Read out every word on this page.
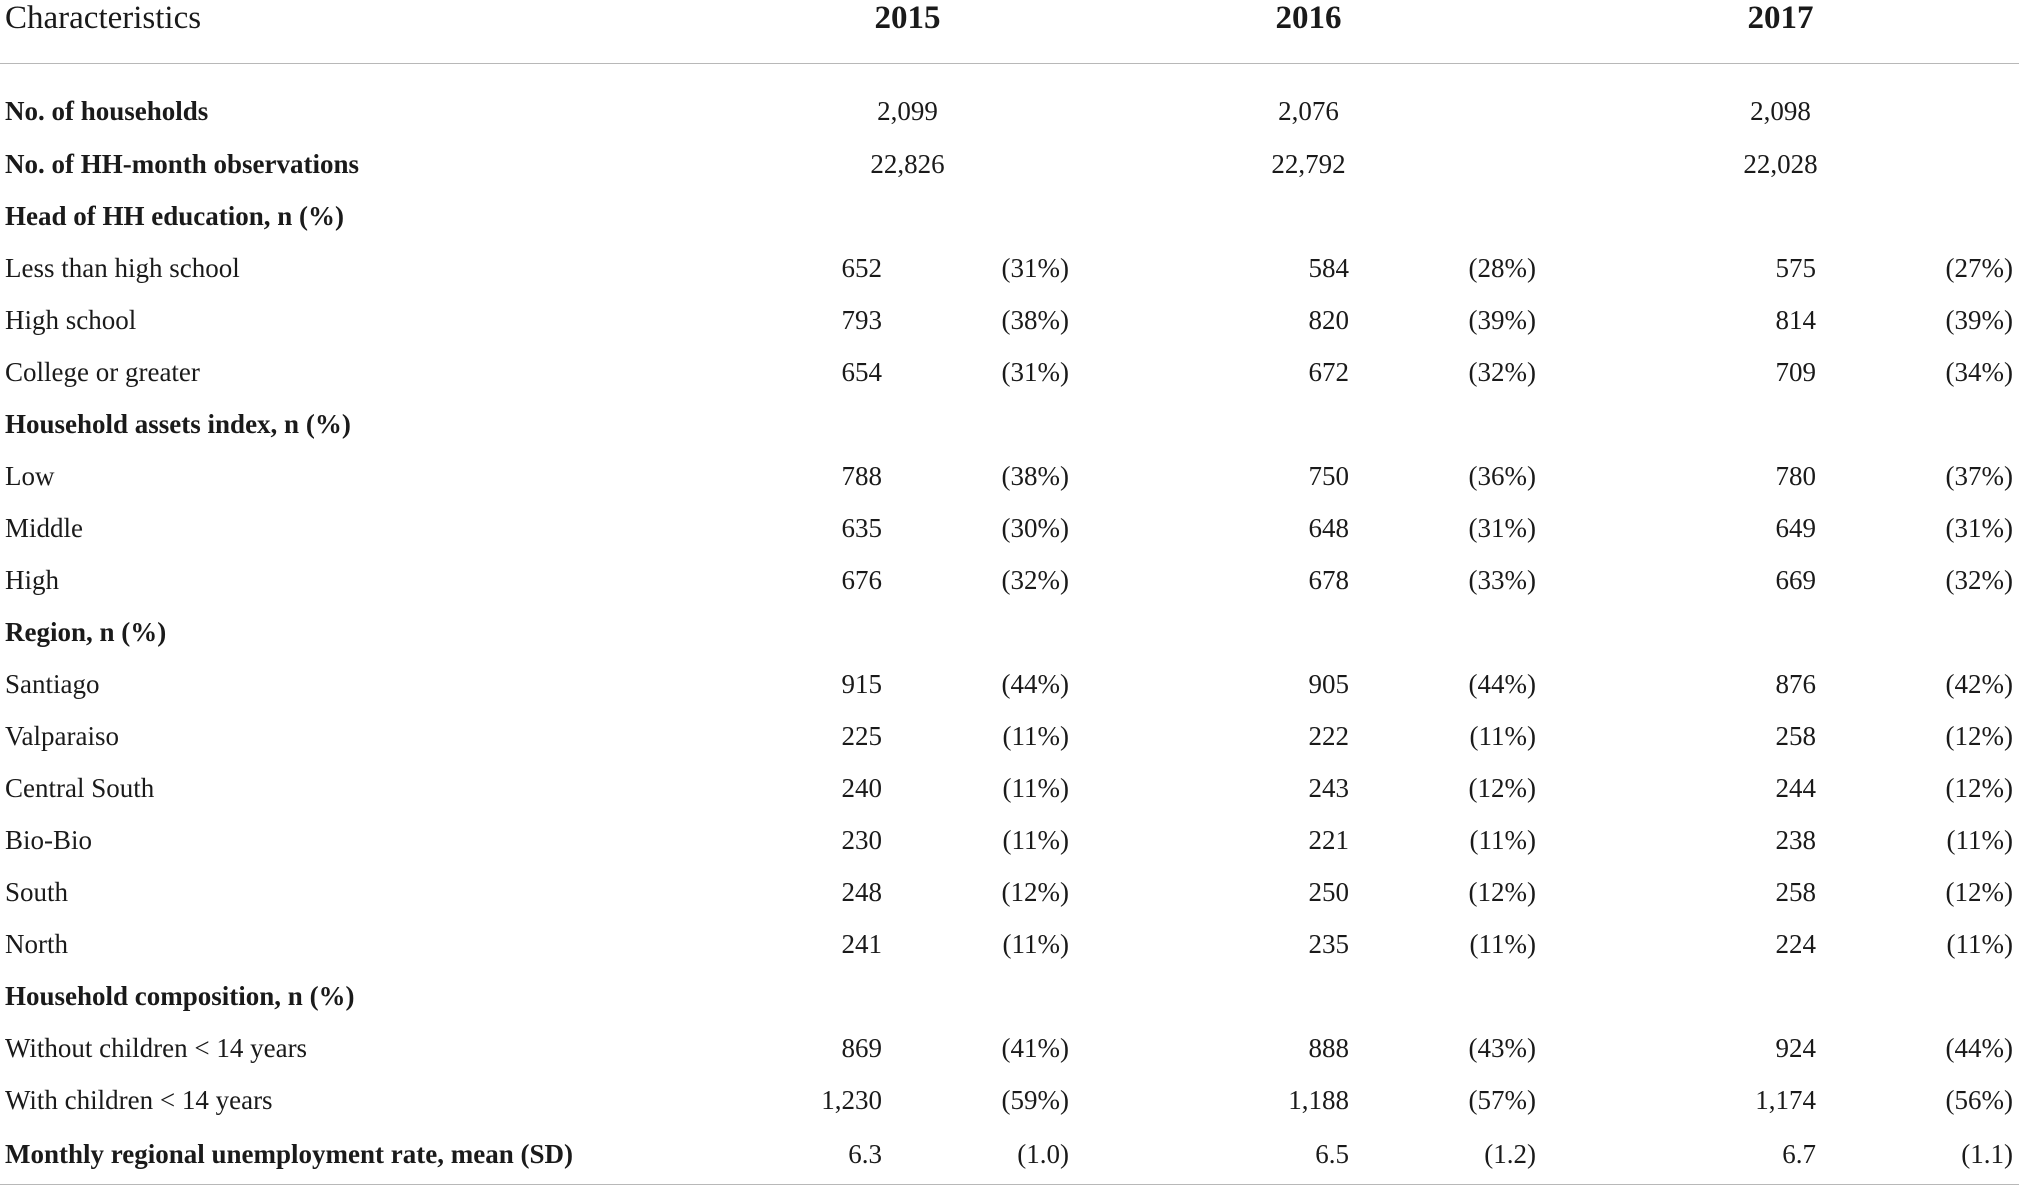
Characteristics	2015		2016		2017	
No. of households	2,099		2,076		2,098	
No. of HH-month observations	22,826		22,792		22,028	
Head of HH education, n (%)						
Less than high school	652	(31%)	584	(28%)	575	(27%)
High school	793	(38%)	820	(39%)	814	(39%)
College or greater	654	(31%)	672	(32%)	709	(34%)
Household assets index, n (%)						
Low	788	(38%)	750	(36%)	780	(37%)
Middle	635	(30%)	648	(31%)	649	(31%)
High	676	(32%)	678	(33%)	669	(32%)
Region, n (%)						
Santiago	915	(44%)	905	(44%)	876	(42%)
Valparaiso	225	(11%)	222	(11%)	258	(12%)
Central South	240	(11%)	243	(12%)	244	(12%)
Bio-Bio	230	(11%)	221	(11%)	238	(11%)
South	248	(12%)	250	(12%)	258	(12%)
North	241	(11%)	235	(11%)	224	(11%)
Household composition, n (%)						
Without children < 14 years	869	(41%)	888	(43%)	924	(44%)
With children < 14 years	1,230	(59%)	1,188	(57%)	1,174	(56%)
Monthly regional unemployment rate, mean (SD)	6.3	(1.0)	6.5	(1.2)	6.7	(1.1)
